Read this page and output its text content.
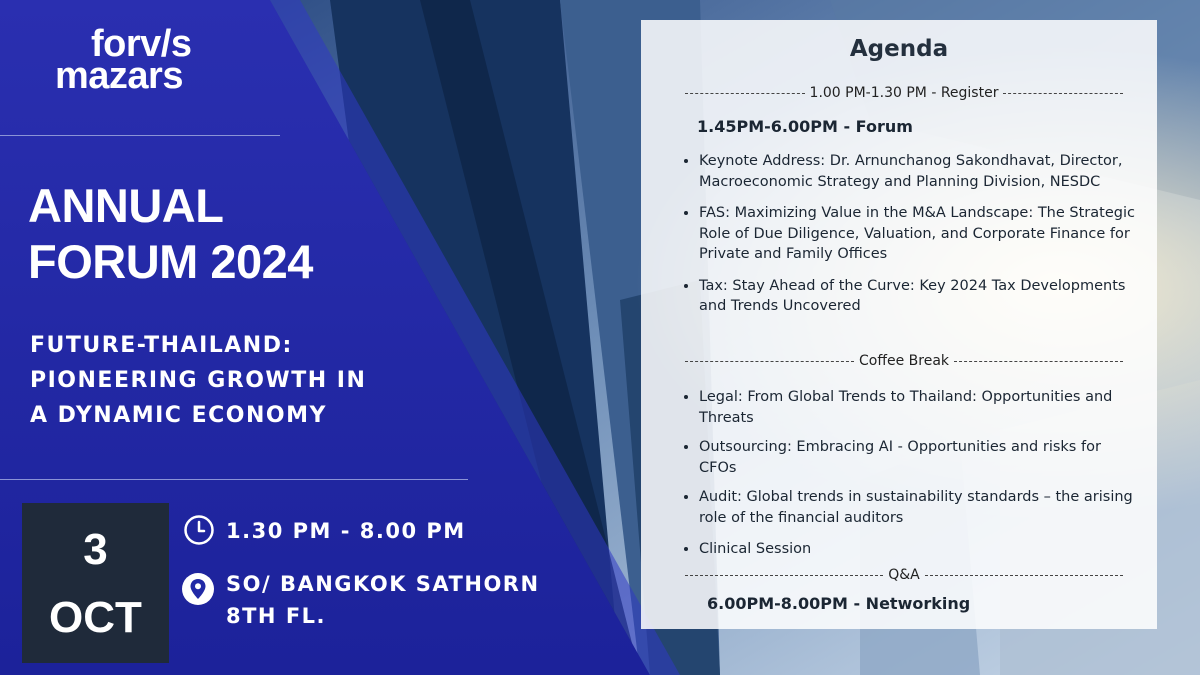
forv/s
mazars
ANNUAL
FORUM 2024
FUTURE-THAILAND:
PIONEERING GROWTH IN
A DYNAMIC ECONOMY
3
OCT
1.30 PM - 8.00 PM
SO/ BANGKOK SATHORN
8TH FL.
Agenda
1.00 PM-1.30 PM - Register
1.45PM-6.00PM - Forum
• Keynote Address: Dr. Arnunchanog Sakondhavat, Director, Macroeconomic Strategy and Planning Division, NESDC
• FAS: Maximizing Value in the M&A Landscape: The Strategic Role of Due Diligence, Valuation, and Corporate Finance for Private and Family Offices
• Tax: Stay Ahead of the Curve: Key 2024 Tax Developments and Trends Uncovered
Coffee Break
• Legal: From Global Trends to Thailand: Opportunities and Threats
• Outsourcing: Embracing AI - Opportunities and risks for CFOs
• Audit: Global trends in sustainability standards – the arising role of the financial auditors
• Clinical Session
Q&A
6.00PM-8.00PM - Networking
